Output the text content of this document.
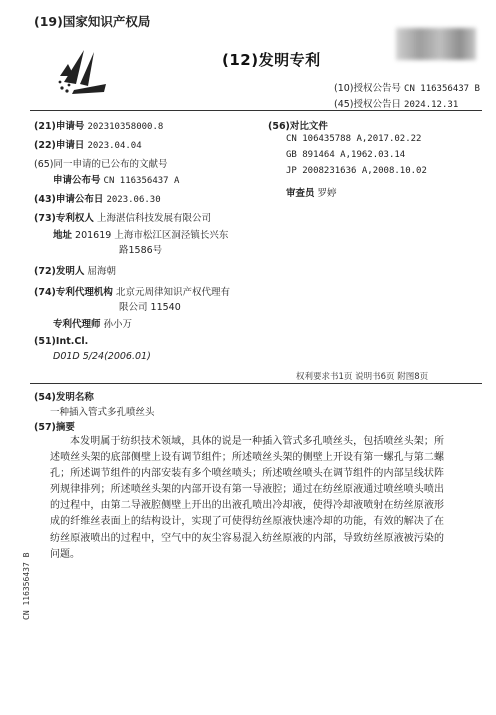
(19)国家知识产权局
(12)发明专利
(10)授权公告号 CN 116356437 B
(45)授权公告日 2024.12.31
(21)申请号 202310358000.8
(22)申请日 2023.04.04
(65)同一申请的已公布的文献号
申请公布号 CN 116356437 A
(43)申请公布日 2023.06.30
(73)专利权人 上海湛信科技发展有限公司
地址 201619 上海市松江区洞泾镇长兴东
路1586号
(72)发明人 屈海朝
(74)专利代理机构 北京元周律知识产权代理有
限公司 11540
专利代理师 孙小万
(51)Int.Cl.
D01D 5/24(2006.01)
(56)对比文件
CN 106435788 A,2017.02.22
GB 891464 A,1962.03.14
JP 2008231636 A,2008.10.02
审查员 罗婷
权利要求书1页 说明书6页 附图8页
(54)发明名称
一种插入管式多孔喷丝头
(57)摘要
本发明属于纺织技术领域，具体的说是一种插入管式多孔喷丝头，包括喷丝头架；所述喷丝头架的底部侧壁上设有调节组件；所述喷丝头架的侧壁上开设有第一螺孔与第二螺孔；所述调节组件的内部安装有多个喷丝喷头；所述喷丝喷头在调节组件的内部呈线状阵列规律排列；所述喷丝头架的内部开设有第一导液腔；通过在纺丝原液通过喷丝喷头喷出的过程中，由第二导液腔侧壁上开出的出液孔喷出冷却液，使得冷却液喷射在纺丝原液形成的纤维丝表面上的结构设计，实现了可使得纺丝原液快速冷却的功能，有效的解决了在纺丝原液喷出的过程中，空气中的灰尘容易混入纺丝原液的内部，导致纺丝原液被污染的问题。
CN 116356437 B
